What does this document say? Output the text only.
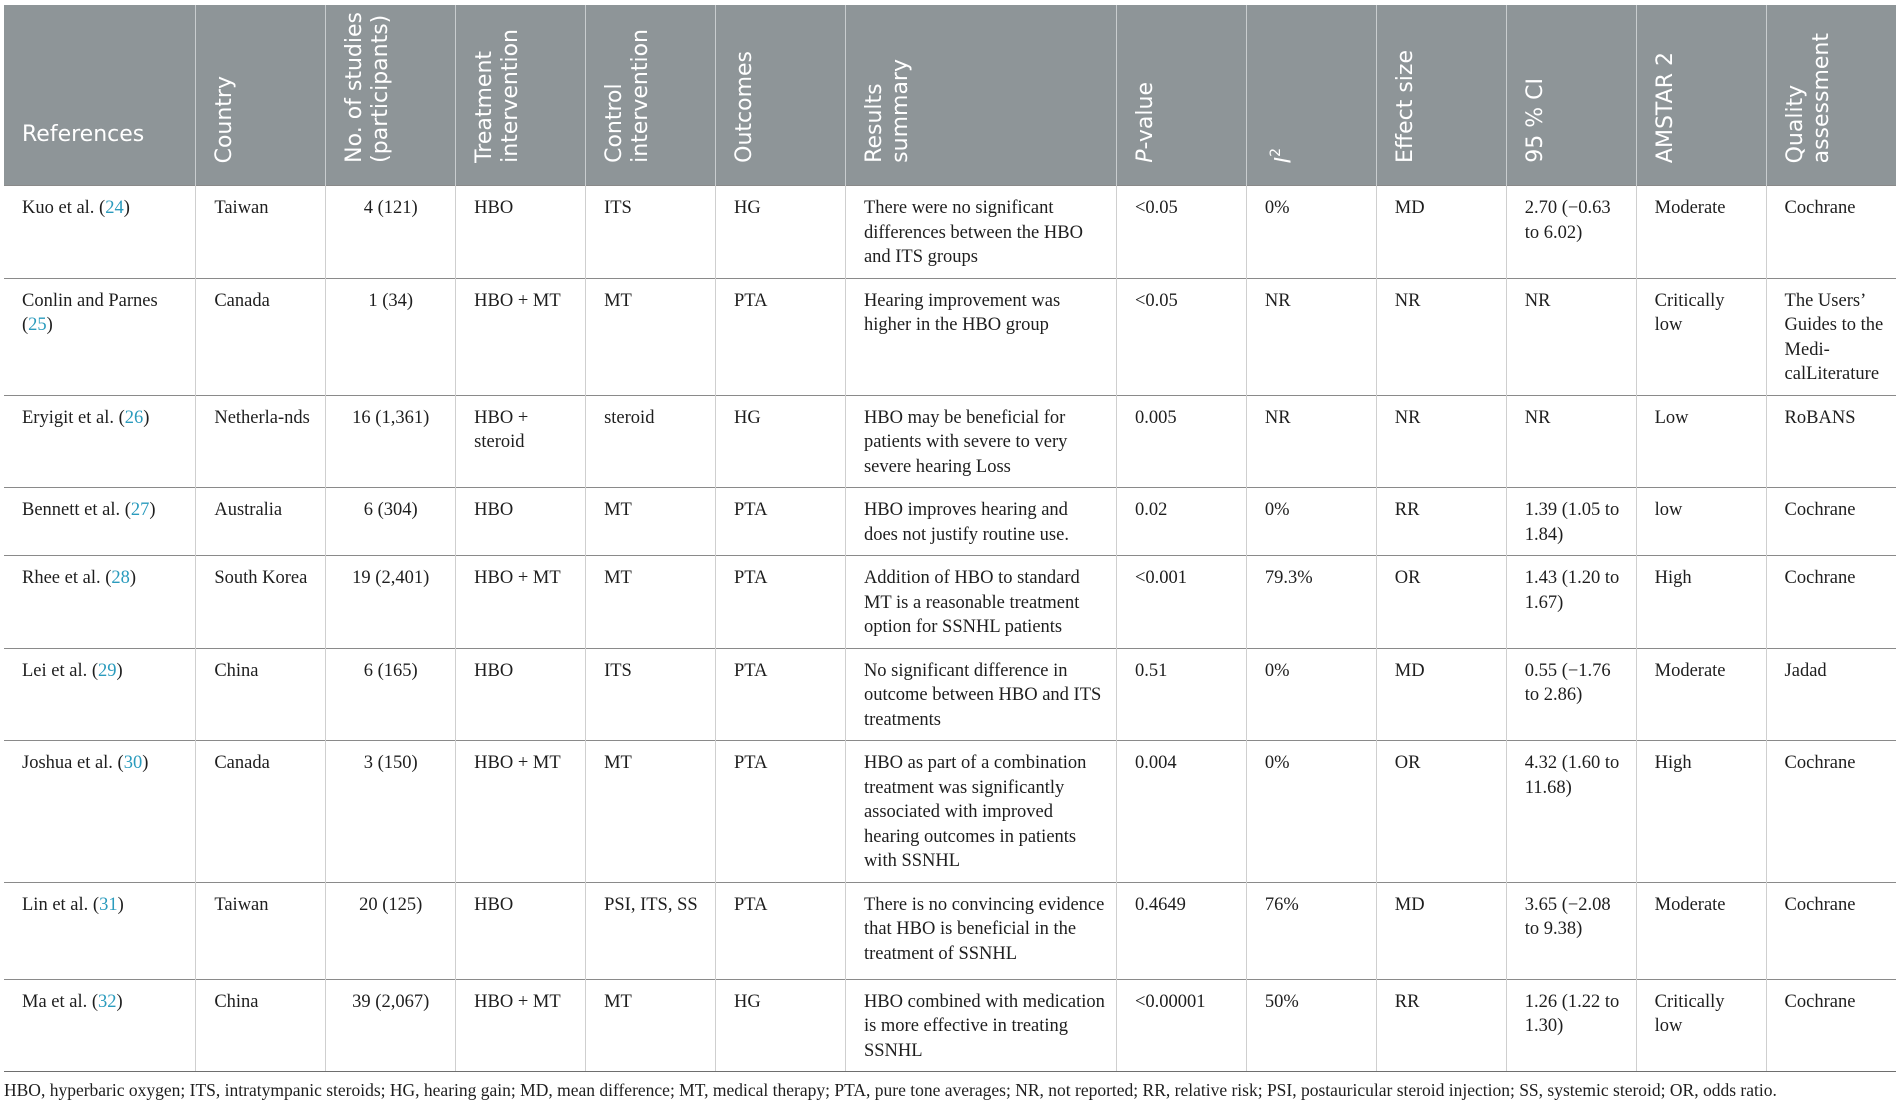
References	Country	No. of studies (participants)	Treatment intervention	Control intervention	Outcomes	Results summary	P-value	$I^2$	Effect size	95 % CI	AMSTAR 2	Quality assessment

Kuo et al. (24)	Taiwan	4 (121)	HBO	ITS	HG	There were no significant differences between the HBO and ITS groups	<0.05	0%	MD	2.70 (−0.63 to 6.02)	Moderate	Cochrane
Conlin and Parnes (25)	Canada	1 (34)	HBO + MT	MT	PTA	Hearing improvement was higher in the HBO group	<0.05	NR	NR	NR	Critically low	The Users’ Guides to the Medi-calLiterature
Eryigit et al. (26)	Netherla-nds	16 (1,361)	HBO + steroid	steroid	HG	HBO may be beneficial for patients with severe to very severe hearing Loss	0.005	NR	NR	NR	Low	RoBANS
Bennett et al. (27)	Australia	6 (304)	HBO	MT	PTA	HBO improves hearing and does not justify routine use.	0.02	0%	RR	1.39 (1.05 to 1.84)	low	Cochrane
Rhee et al. (28)	South Korea	19 (2,401)	HBO + MT	MT	PTA	Addition of HBO to standard MT is a reasonable treatment option for SSNHL patients	<0.001	79.3%	OR	1.43 (1.20 to 1.67)	High	Cochrane
Lei et al. (29)	China	6 (165)	HBO	ITS	PTA	No significant difference in outcome between HBO and ITS treatments	0.51	0%	MD	0.55 (−1.76 to 2.86)	Moderate	Jadad
Joshua et al. (30)	Canada	3 (150)	HBO + MT	MT	PTA	HBO as part of a combination treatment was significantly associated with improved hearing outcomes in patients with SSNHL	0.004	0%	OR	4.32 (1.60 to 11.68)	High	Cochrane
Lin et al. (31)	Taiwan	20 (125)	HBO	PSI, ITS, SS	PTA	There is no convincing evidence that HBO is beneficial in the treatment of SSNHL	0.4649	76%	MD	3.65 (−2.08 to 9.38)	Moderate	Cochrane
Ma et al. (32)	China	39 (2,067)	HBO + MT	MT	HG	HBO combined with medication is more effective in treating SSNHL	<0.00001	50%	RR	1.26 (1.22 to 1.30)	Critically low	Cochrane
HBO, hyperbaric oxygen; ITS, intratympanic steroids; HG, hearing gain; MD, mean difference; MT, medical therapy; PTA, pure tone averages; NR, not reported; RR, relative risk; PSI, postauricular steroid injection; SS, systemic steroid; OR, odds ratio.
